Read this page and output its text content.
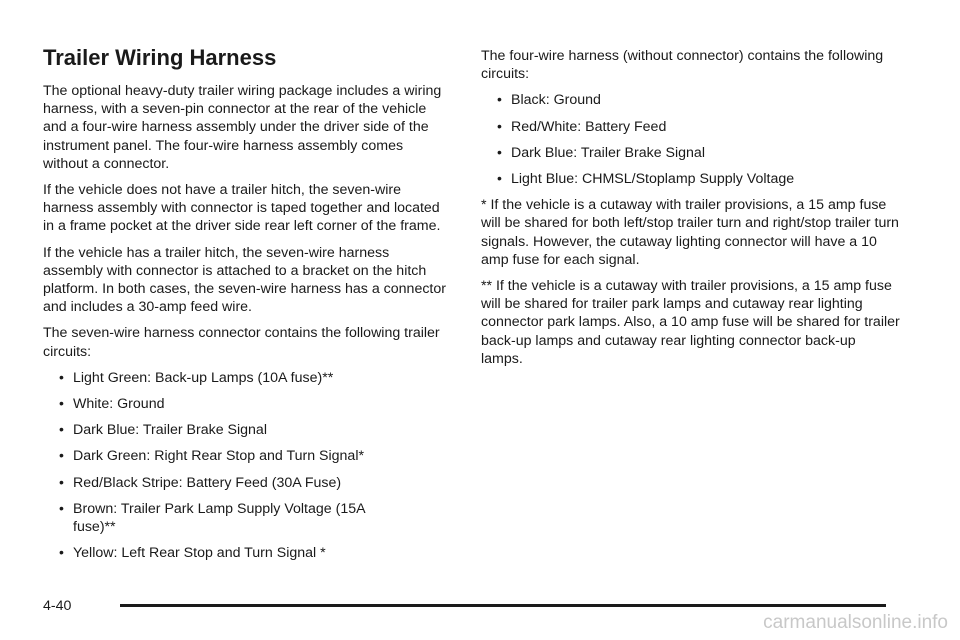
Trailer Wiring Harness

The optional heavy-duty trailer wiring package includes a wiring harness, with a seven-pin connector at the rear of the vehicle and a four-wire harness assembly under the driver side of the instrument panel. The four-wire harness assembly comes without a connector.

If the vehicle does not have a trailer hitch, the seven-wire harness assembly with connector is taped together and located in a frame pocket at the driver side rear left corner of the frame.

If the vehicle has a trailer hitch, the seven-wire harness assembly with connector is attached to a bracket on the hitch platform. In both cases, the seven-wire harness has a connector and includes a 30-amp feed wire.

The seven-wire harness connector contains the following trailer circuits:

• Light Green: Back-up Lamps (10A fuse)**
• White: Ground
• Dark Blue: Trailer Brake Signal
• Dark Green: Right Rear Stop and Turn Signal*
• Red/Black Stripe: Battery Feed (30A Fuse)
• Brown: Trailer Park Lamp Supply Voltage (15A fuse)**
• Yellow: Left Rear Stop and Turn Signal *

The four-wire harness (without connector) contains the following circuits:

• Black: Ground
• Red/White: Battery Feed
• Dark Blue: Trailer Brake Signal
• Light Blue: CHMSL/Stoplamp Supply Voltage

* If the vehicle is a cutaway with trailer provisions, a 15 amp fuse will be shared for both left/stop trailer turn and right/stop trailer turn signals. However, the cutaway lighting connector will have a 10 amp fuse for each signal.

** If the vehicle is a cutaway with trailer provisions, a 15 amp fuse will be shared for trailer park lamps and cutaway rear lighting connector park lamps. Also, a 10 amp fuse will be shared for trailer back-up lamps and cutaway rear lighting connector back-up lamps.

4-40
carmanualsonline.info
